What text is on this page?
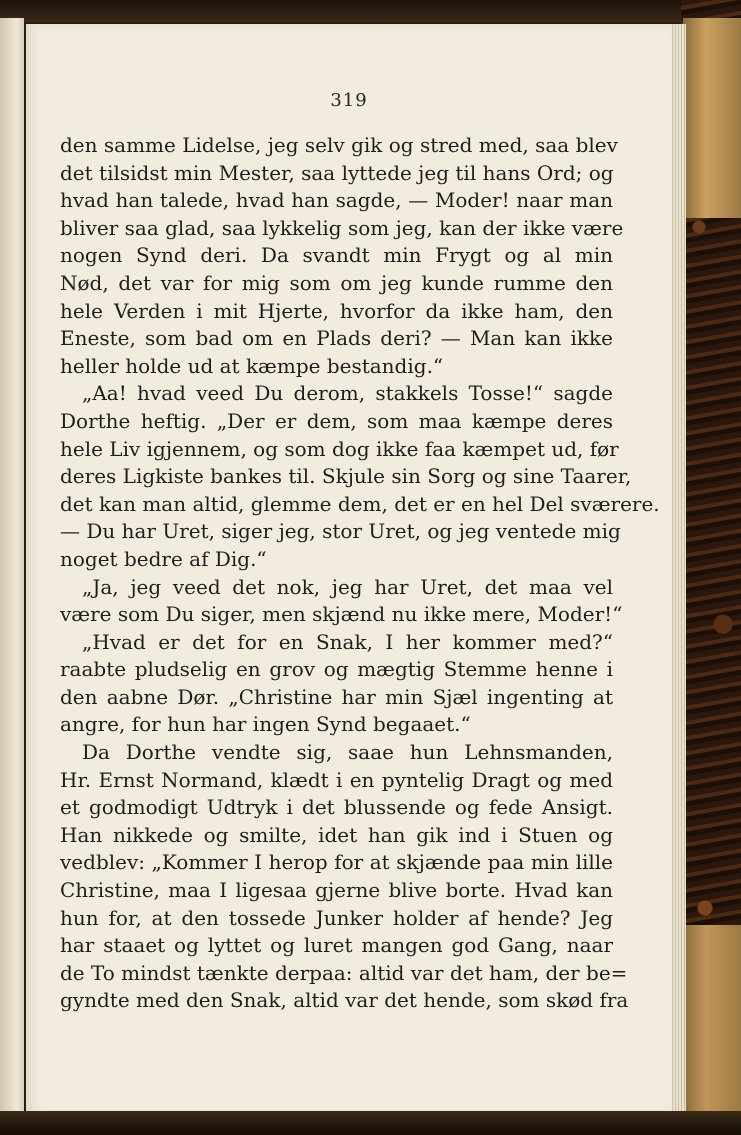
319
den samme Lidelse, jeg selv gik og stred med, saa blev
det tilsidst min Mester, saa lyttede jeg til hans Ord; og
hvad han talede, hvad han sagde, — Moder! naar man
bliver saa glad, saa lykkelig som jeg, kan der ikke være
nogen Synd deri. Da svandt min Frygt og al min
Nød, det var for mig som om jeg kunde rumme den
hele Verden i mit Hjerte, hvorfor da ikke ham, den
Eneste, som bad om en Plads deri? — Man kan ikke
heller holde ud at kæmpe bestandig.“
„Aa! hvad veed Du derom, stakkels Tosse!“ sagde
Dorthe heftig. „Der er dem, som maa kæmpe deres
hele Liv igjennem, og som dog ikke faa kæmpet ud, før
deres Ligkiste bankes til. Skjule sin Sorg og sine Taarer,
det kan man altid, glemme dem, det er en hel Del sværere.
— Du har Uret, siger jeg, stor Uret, og jeg ventede mig
noget bedre af Dig.“
„Ja, jeg veed det nok, jeg har Uret, det maa vel
være som Du siger, men skjænd nu ikke mere, Moder!“
„Hvad er det for en Snak, I her kommer med?“
raabte pludselig en grov og mægtig Stemme henne i
den aabne Dør. „Christine har min Sjæl ingenting at
angre, for hun har ingen Synd begaaet.“
Da Dorthe vendte sig, saae hun Lehnsmanden,
Hr. Ernst Normand, klædt i en pyntelig Dragt og med
et godmodigt Udtryk i det blussende og fede Ansigt.
Han nikkede og smilte, idet han gik ind i Stuen og
vedblev: „Kommer I herop for at skjænde paa min lille
Christine, maa I ligesaa gjerne blive borte. Hvad kan
hun for, at den tossede Junker holder af hende? Jeg
har staaet og lyttet og luret mangen god Gang, naar
de To mindst tænkte derpaa: altid var det ham, der be=
gyndte med den Snak, altid var det hende, som skød fra
